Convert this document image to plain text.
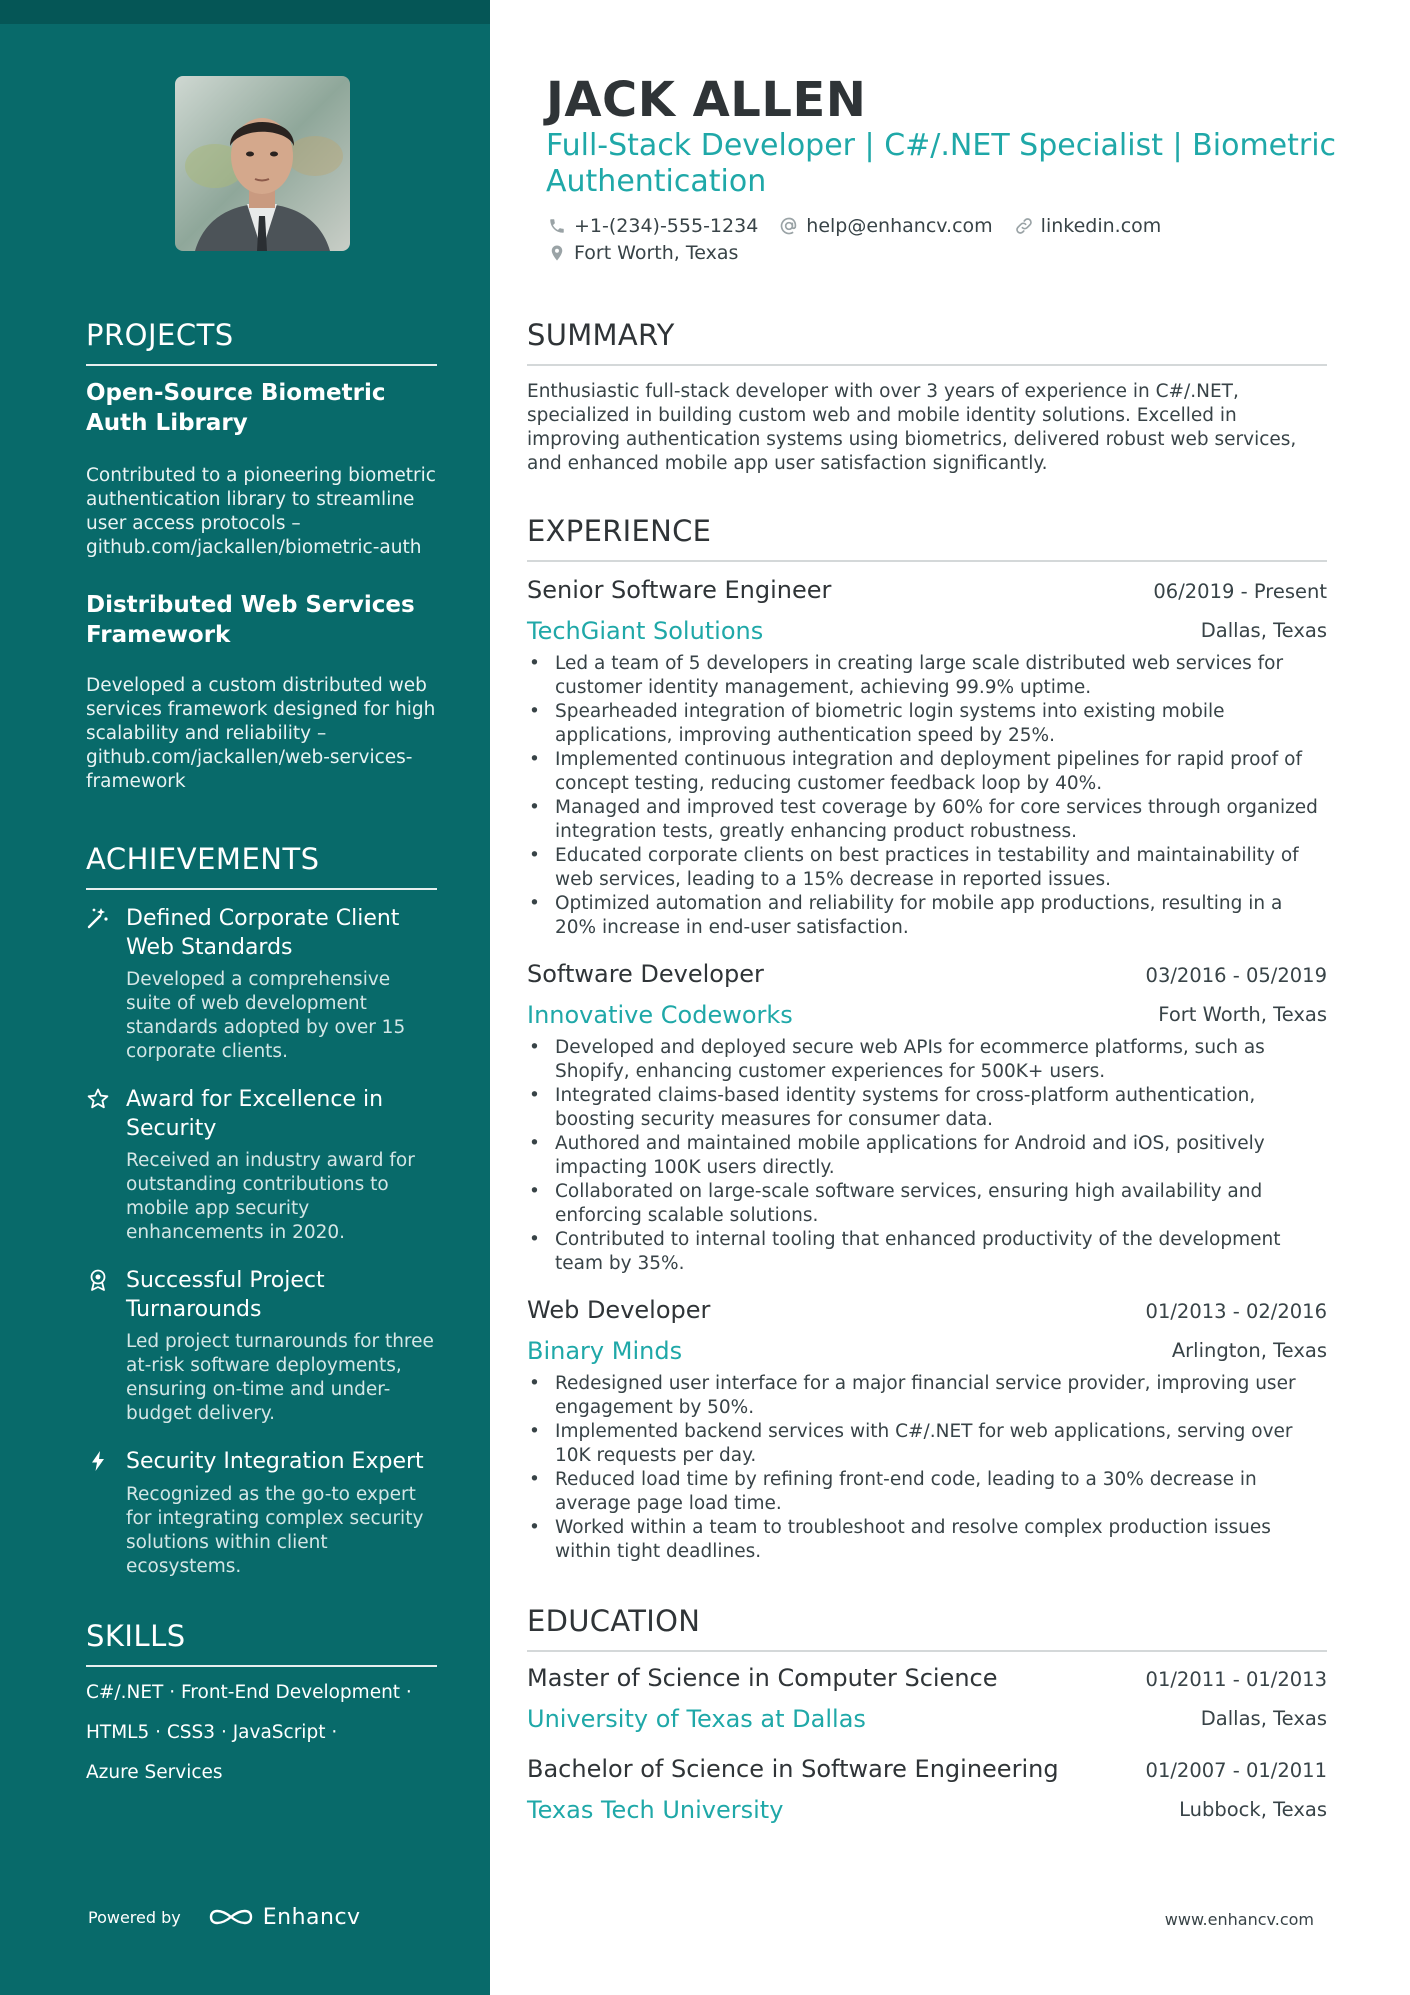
PROJECTS
Open-Source Biometric Auth Library
Contributed to a pioneering biometric authentication library to streamline user access protocols – github.com/jackallen/biometric-auth
Distributed Web Services Framework
Developed a custom distributed web services framework designed for high scalability and reliability – github.com/jackallen/web-services-framework
ACHIEVEMENTS
Defined Corporate Client Web Standards
Developed a comprehensive suite of web development standards adopted by over 15 corporate clients.
Award for Excellence in Security
Received an industry award for outstanding contributions to mobile app security enhancements in 2020.
Successful Project Turnarounds
Led project turnarounds for three at-risk software deployments, ensuring on-time and under-budget delivery.
Security Integration Expert
Recognized as the go-to expert for integrating complex security solutions within client ecosystems.
SKILLS
C#/.NET · Front-End Development ·
HTML5 · CSS3 · JavaScript ·
Azure Services
Powered by	Enhancv
JACK ALLEN
Full-Stack Developer | C#/.NET Specialist | Biometric Authentication
+1-(234)-555-1234	help@enhancv.com	linkedin.com
Fort Worth, Texas
SUMMARY
Enthusiastic full-stack developer with over 3 years of experience in C#/.NET, specialized in building custom web and mobile identity solutions. Excelled in improving authentication systems using biometrics, delivered robust web services, and enhanced mobile app user satisfaction significantly.
EXPERIENCE
Senior Software Engineer	06/2019 - Present
TechGiant Solutions	Dallas, Texas
• Led a team of 5 developers in creating large scale distributed web services for customer identity management, achieving 99.9% uptime.
• Spearheaded integration of biometric login systems into existing mobile applications, improving authentication speed by 25%.
• Implemented continuous integration and deployment pipelines for rapid proof of concept testing, reducing customer feedback loop by 40%.
• Managed and improved test coverage by 60% for core services through organized integration tests, greatly enhancing product robustness.
• Educated corporate clients on best practices in testability and maintainability of web services, leading to a 15% decrease in reported issues.
• Optimized automation and reliability for mobile app productions, resulting in a 20% increase in end-user satisfaction.
Software Developer	03/2016 - 05/2019
Innovative Codeworks	Fort Worth, Texas
• Developed and deployed secure web APIs for ecommerce platforms, such as Shopify, enhancing customer experiences for 500K+ users.
• Integrated claims-based identity systems for cross-platform authentication, boosting security measures for consumer data.
• Authored and maintained mobile applications for Android and iOS, positively impacting 100K users directly.
• Collaborated on large-scale software services, ensuring high availability and enforcing scalable solutions.
• Contributed to internal tooling that enhanced productivity of the development team by 35%.
Web Developer	01/2013 - 02/2016
Binary Minds	Arlington, Texas
• Redesigned user interface for a major financial service provider, improving user engagement by 50%.
• Implemented backend services with C#/.NET for web applications, serving over 10K requests per day.
• Reduced load time by refining front-end code, leading to a 30% decrease in average page load time.
• Worked within a team to troubleshoot and resolve complex production issues within tight deadlines.
EDUCATION
Master of Science in Computer Science	01/2011 - 01/2013
University of Texas at Dallas	Dallas, Texas
Bachelor of Science in Software Engineering	01/2007 - 01/2011
Texas Tech University	Lubbock, Texas
www.enhancv.com
